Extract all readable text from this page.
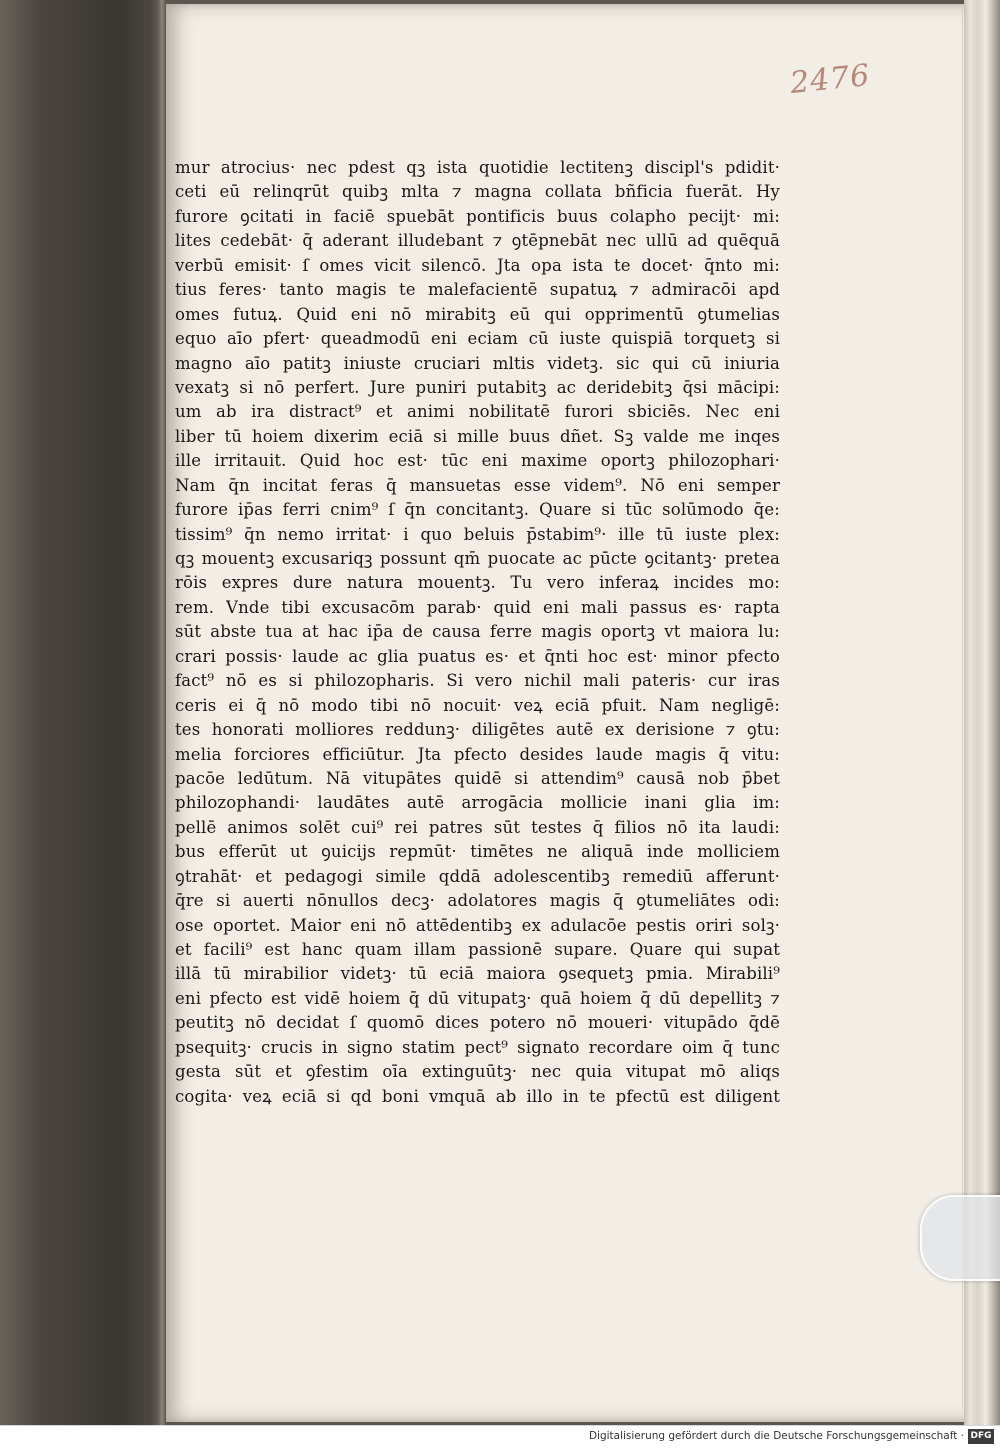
2476
mur atrocius· nec pdest qꝫ ista quotidie lectitenꝫ discipl's pdidit·
ceti eū relinqrūt quibꝫ mlta ⁊ magna collata bñficia fuerāt. Hy
furore ꝯcitati in faciē spuebāt pontificis buus colapho pecijt· mi:
lites cedebāt· q̄ aderant illudebant ⁊ ꝯtēpnebāt nec ullū ad quēquā
verbū emisit· ſ omes vicit silencō. Jta opa ista te docet· q̄nto mi:
tius feres· tanto magis te malefacientē supatuꝝ ⁊ admiracōi apd
omes futuꝝ. Quid eni nō mirabitꝫ eū qui opprimentū ꝯtumelias
equo aīo pfert· queadmodū eni eciam cū iuste quispiā torquetꝫ si
magno aīo patitꝫ iniuste cruciari mltis videtꝫ. sic qui cū iniuria
vexatꝫ si nō perfert. Jure puniri putabitꝫ ac deridebitꝫ q̄si mācipi:
um ab ira distract⁹ et animi nobilitatē furori sbiciēs. Nec eni
liber tū hoiem dixerim eciā si mille buus dñet. Sꝫ valde me inqes
ille irritauit. Quid hoc est· tūc eni maxime oportꝫ philozophari·
Nam q̄n incitat feras q̄ mansuetas esse videm⁹. Nō eni semper
furore ip̄as ferri cnim⁹ ſ q̄n concitantꝫ. Quare si tūc solūmodo q̄e:
tissim⁹ q̄n nemo irritat· i quo beluis p̄stabim⁹· ille tū iuste plex:
qꝫ mouentꝫ excusariqꝫ possunt qm̄ puocate ac pūcte ꝯcitantꝫ· pretea
rōis expres dure natura mouentꝫ. Tu vero inferaꝝ incides mo:
rem. Vnde tibi excusacōm parab· quid eni mali passus es· rapta
sūt abste tua at hac ip̄a de causa ferre magis oportꝫ vt maiora lu:
crari possis· laude ac glia puatus es· et q̄nti hoc est· minor pfecto
fact⁹ nō es si philozopharis. Si vero nichil mali pateris· cur iras
ceris ei q̄ nō modo tibi nō nocuit· veꝝ eciā pfuit. Nam negligē:
tes honorati molliores reddunꝫ· diligētes autē ex derisione ⁊ ꝯtu:
melia forciores efficiūtur. Jta pfecto desides laude magis q̄ vitu:
pacōe ledūtum. Nā vitupātes quidē si attendim⁹ causā nob p̄bet
philozophandi· laudātes autē arrogācia mollicie inani glia im:
pellē animos solēt cui⁹ rei patres sūt testes q̄ filios nō ita laudi:
bus efferūt ut ꝯuicijs repmūt· timētes ne aliquā inde molliciem
ꝯtrahāt· et pedagogi simile qddā adolescentibꝫ remediū afferunt·
q̄re si auerti nōnullos decꝫ· adolatores magis q̄ ꝯtumeliātes odi:
ose oportet. Maior eni nō attēdentibꝫ ex adulacōe pestis oriri solꝫ·
et facili⁹ est hanc quam illam passionē supare. Quare qui supat
illā tū mirabilior videtꝫ· tū eciā maiora ꝯsequetꝫ pmia. Mirabili⁹
eni pfecto est vidē hoiem q̄ dū vitupatꝫ· quā hoiem q̄ dū depellitꝫ ⁊
peutitꝫ nō decidat ſ quomō dices potero nō moueri· vitupādo q̄dē
psequitꝫ· crucis in signo statim pect⁹ signato recordare oim q̄ tunc
gesta sūt et ꝯfestim oīa extinguūtꝫ· nec quia vitupat mō aliqs
cogita· veꝝ eciā si qd boni vmquā ab illo in te pfectū est diligent
Digitalisierung gefördert durch die Deutsche Forschungsgemeinschaft · DFG
